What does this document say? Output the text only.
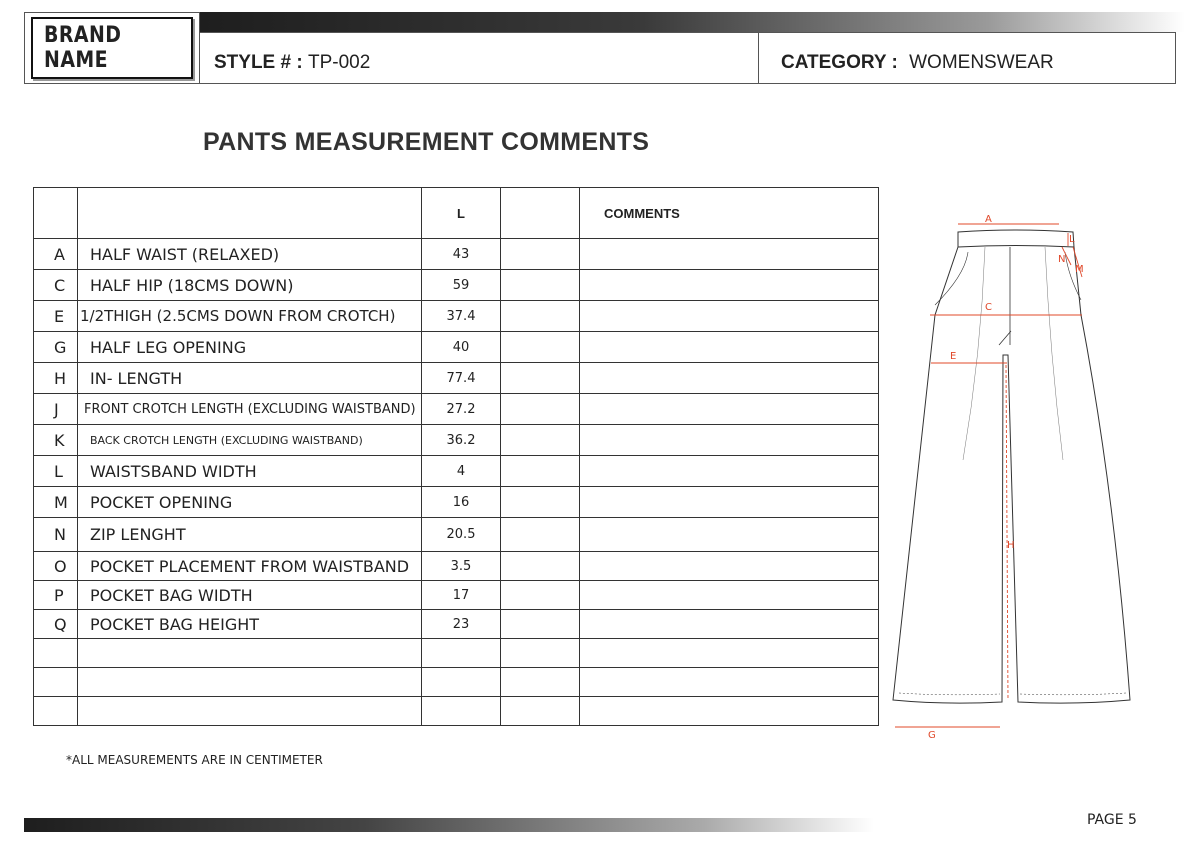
BRAND NAME	STYLE # : TP-002	CATEGORY : WOMENSWEAR
PANTS MEASUREMENT COMMENTS
		L		COMMENTS
A	HALF WAIST (RELAXED)	43		
C	HALF HIP (18CMS DOWN)	59		
E	1/2THIGH (2.5CMS DOWN FROM CROTCH)	37.4		
G	HALF LEG OPENING	40		
H	IN- LENGTH	77.4		
J	FRONT CROTCH LENGTH (EXCLUDING WAISTBAND)	27.2		
K	BACK CROTCH LENGTH (EXCLUDING WAISTBAND)	36.2		
L	WAISTSBAND WIDTH	4		
M	POCKET OPENING	16		
N	ZIP LENGHT	20.5		
O	POCKET PLACEMENT FROM WAISTBAND	3.5		
P	POCKET BAG WIDTH	17		
Q	POCKET BAG HEIGHT	23		

A
C
E
G
H
L
M
N
*ALL MEASUREMENTS ARE IN CENTIMETER
PAGE 5
